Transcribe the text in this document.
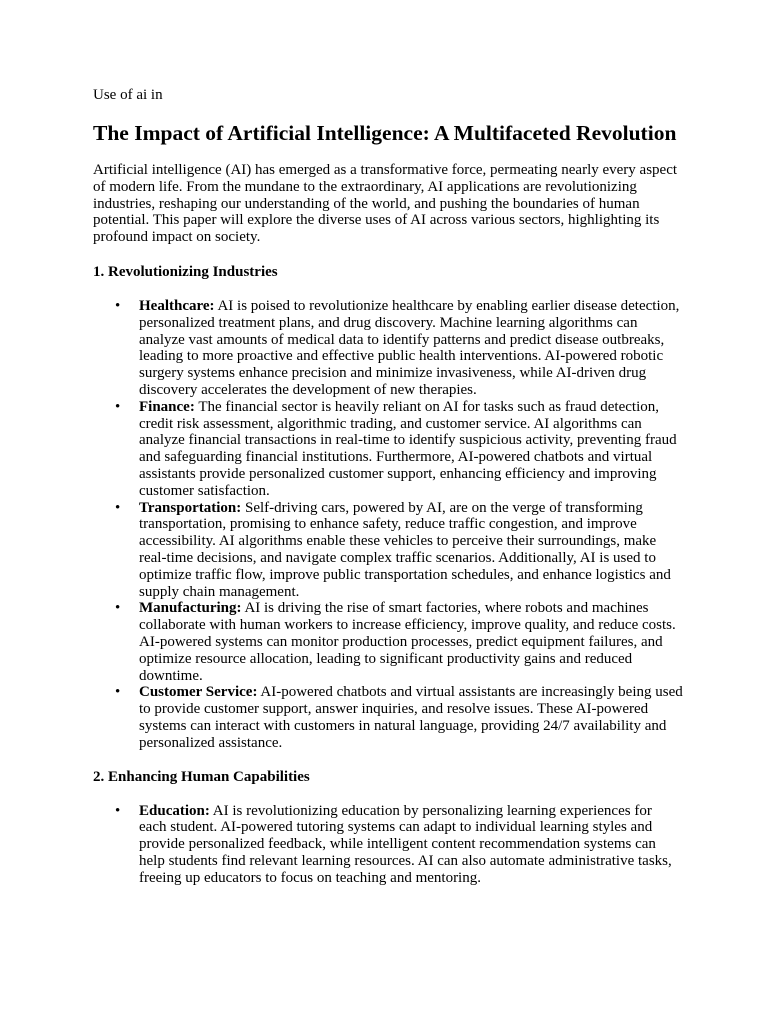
Use of ai in

The Impact of Artificial Intelligence: A Multifaceted Revolution

Artificial intelligence (AI) has emerged as a transformative force, permeating nearly every aspect of modern life. From the mundane to the extraordinary, AI applications are revolutionizing industries, reshaping our understanding of the world, and pushing the boundaries of human potential. This paper will explore the diverse uses of AI across various sectors, highlighting its profound impact on society.

1. Revolutionizing Industries
• Healthcare: AI is poised to revolutionize healthcare by enabling earlier disease detection, personalized treatment plans, and drug discovery. Machine learning algorithms can analyze vast amounts of medical data to identify patterns and predict disease outbreaks, leading to more proactive and effective public health interventions. AI-powered robotic surgery systems enhance precision and minimize invasiveness, while AI-driven drug discovery accelerates the development of new therapies.
• Finance: The financial sector is heavily reliant on AI for tasks such as fraud detection, credit risk assessment, algorithmic trading, and customer service. AI algorithms can analyze financial transactions in real-time to identify suspicious activity, preventing fraud and safeguarding financial institutions. Furthermore, AI-powered chatbots and virtual assistants provide personalized customer support, enhancing efficiency and improving customer satisfaction.
• Transportation: Self-driving cars, powered by AI, are on the verge of transforming transportation, promising to enhance safety, reduce traffic congestion, and improve accessibility. AI algorithms enable these vehicles to perceive their surroundings, make real-time decisions, and navigate complex traffic scenarios. Additionally, AI is used to optimize traffic flow, improve public transportation schedules, and enhance logistics and supply chain management.
• Manufacturing: AI is driving the rise of smart factories, where robots and machines collaborate with human workers to increase efficiency, improve quality, and reduce costs. AI-powered systems can monitor production processes, predict equipment failures, and optimize resource allocation, leading to significant productivity gains and reduced downtime.
• Customer Service: AI-powered chatbots and virtual assistants are increasingly being used to provide customer support, answer inquiries, and resolve issues. These AI-powered systems can interact with customers in natural language, providing 24/7 availability and personalized assistance.
2. Enhancing Human Capabilities
• Education: AI is revolutionizing education by personalizing learning experiences for each student. AI-powered tutoring systems can adapt to individual learning styles and provide personalized feedback, while intelligent content recommendation systems can help students find relevant learning resources. AI can also automate administrative tasks, freeing up educators to focus on teaching and mentoring.
